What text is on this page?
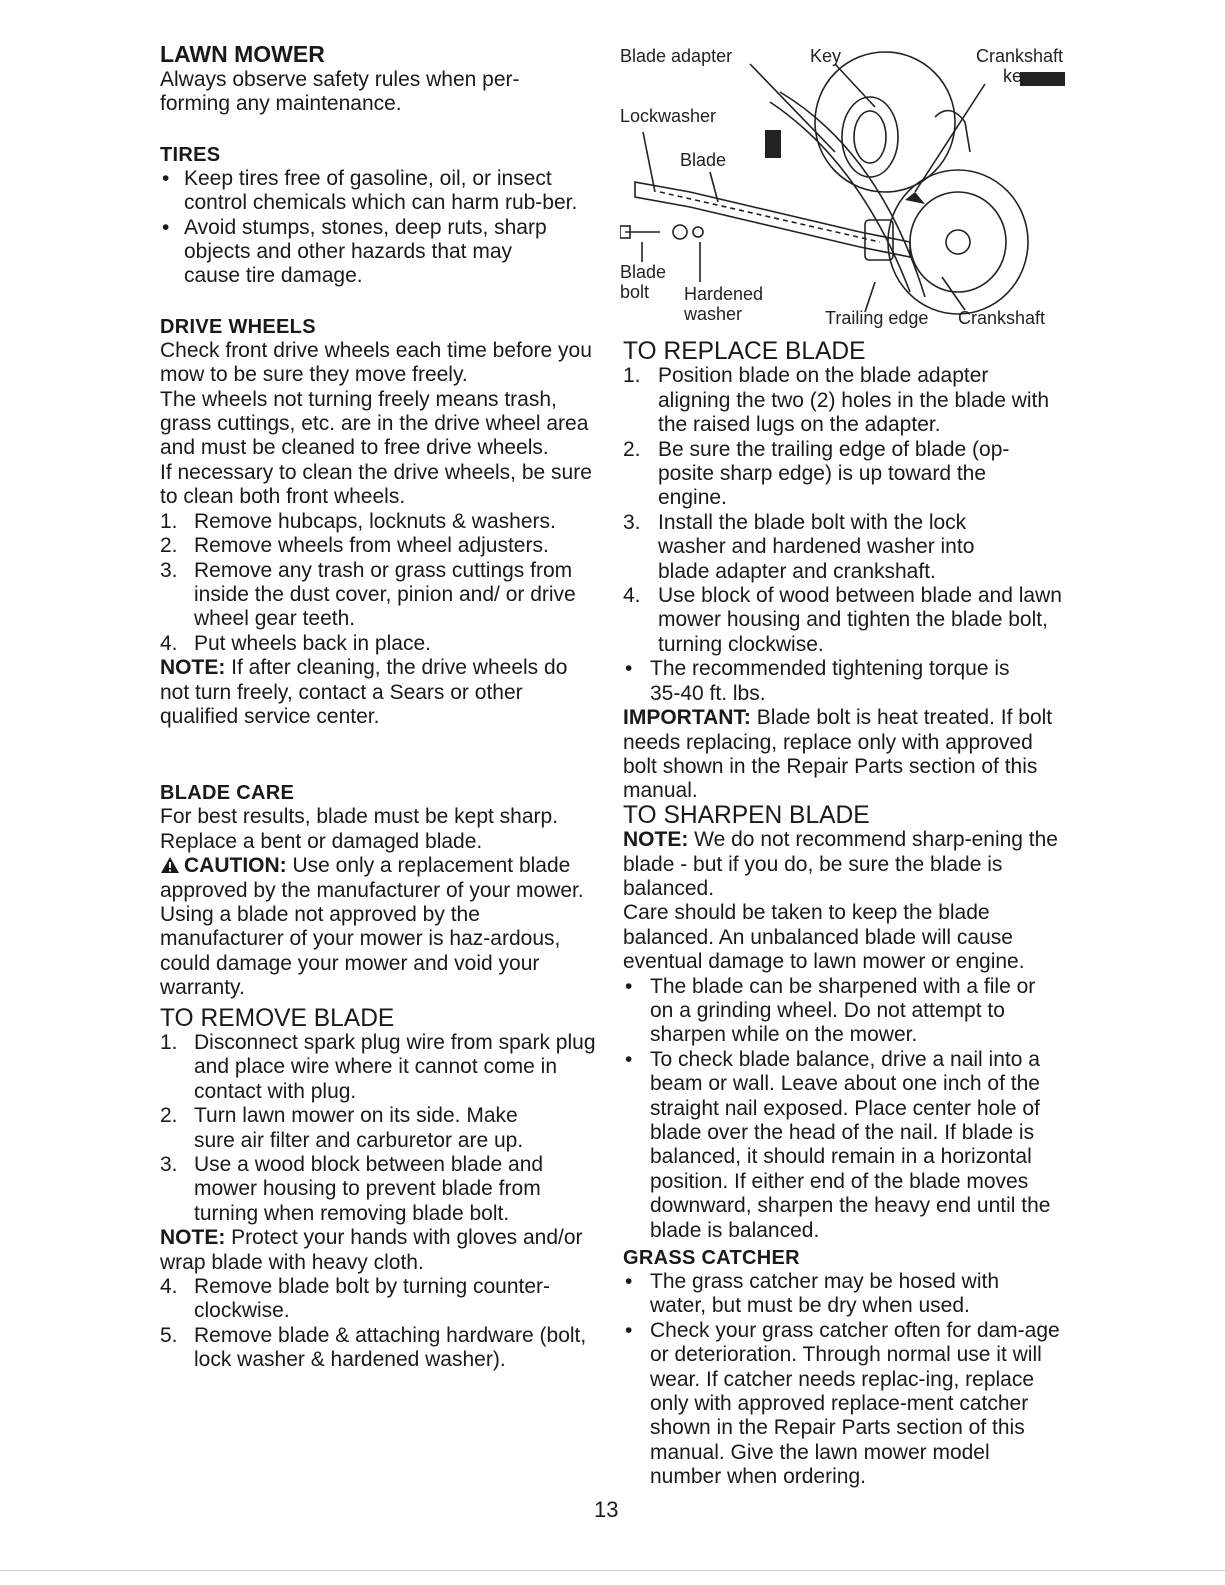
LAWN MOWER

Always observe safety rules when per-forming any maintenance.

TIRES
• Keep tires free of gasoline, oil, or insect control chemicals which can harm rub-ber.
• Avoid stumps, stones, deep ruts, sharp objects and other hazards that may cause tire damage.
DRIVE WHEELS

Check front drive wheels each time before you mow to be sure they move freely.

The wheels not turning freely means trash, grass cuttings, etc. are in the drive wheel area and must be cleaned to free drive wheels.

If necessary to clean the drive wheels, be sure to clean both front wheels.

1. Remove hubcaps, locknuts & washers.
2. Remove wheels from wheel adjusters.
3. Remove any trash or grass cuttings from inside the dust cover, pinion and/ or drive wheel gear teeth.
4. Put wheels back in place.

NOTE: If after cleaning, the drive wheels do not turn freely, contact a Sears or other qualified service center.

BLADE CARE

For best results, blade must be kept sharp. Replace a bent or damaged blade.

CAUTION: Use only a replacement blade approved by the manufacturer of your mower. Using a blade not approved by the manufacturer of your mower is haz-ardous, could damage your mower and void your warranty.

TO REMOVE BLADE
1. Disconnect spark plug wire from spark plug and place wire where it cannot come in contact with plug.
2. Turn lawn mower on its side. Make sure air filter and carburetor are up.
3. Use a wood block between blade and mower housing to prevent blade from turning when removing blade bolt.

NOTE: Protect your hands with gloves and/or wrap blade with heavy cloth.

4. Remove blade bolt by turning counter-clockwise.
5. Remove blade & attaching hardware (bolt, lock washer & hardened washer).
Blade adapter	Key	Crankshaft keyway
Lockwasher
Blade
Blade bolt	Hardened washer	Trailing edge Crankshaft
TO REPLACE BLADE
1. Position blade on the blade adapter aligning the two (2) holes in the blade with the raised lugs on the adapter.
2. Be sure the trailing edge of blade (op-posite sharp edge) is up toward the engine.
3. Install the blade bolt with the lock washer and hardened washer into blade adapter and crankshaft.
4. Use block of wood between blade and lawn mower housing and tighten the blade bolt, turning clockwise.
• The recommended tightening torque is 35-40 ft. lbs.

IMPORTANT: Blade bolt is heat treated. If bolt needs replacing, replace only with approved bolt shown in the Repair Parts section of this manual.

TO SHARPEN BLADE

NOTE: We do not recommend sharp-ening the blade - but if you do, be sure the blade is balanced.

Care should be taken to keep the blade balanced. An unbalanced blade will cause eventual damage to lawn mower or engine.

• The blade can be sharpened with a file or on a grinding wheel. Do not attempt to sharpen while on the mower.
• To check blade balance, drive a nail into a beam or wall. Leave about one inch of the straight nail exposed. Place center hole of blade over the head of the nail. If blade is balanced, it should remain in a horizontal position. If either end of the blade moves downward, sharpen the heavy end until the blade is balanced.
GRASS CATCHER
• The grass catcher may be hosed with water, but must be dry when used.
• Check your grass catcher often for dam-age or deterioration. Through normal use it will wear. If catcher needs replac-ing, replace only with approved replace-ment catcher shown in the Repair Parts section of this manual. Give the lawn mower model number when ordering.
13
